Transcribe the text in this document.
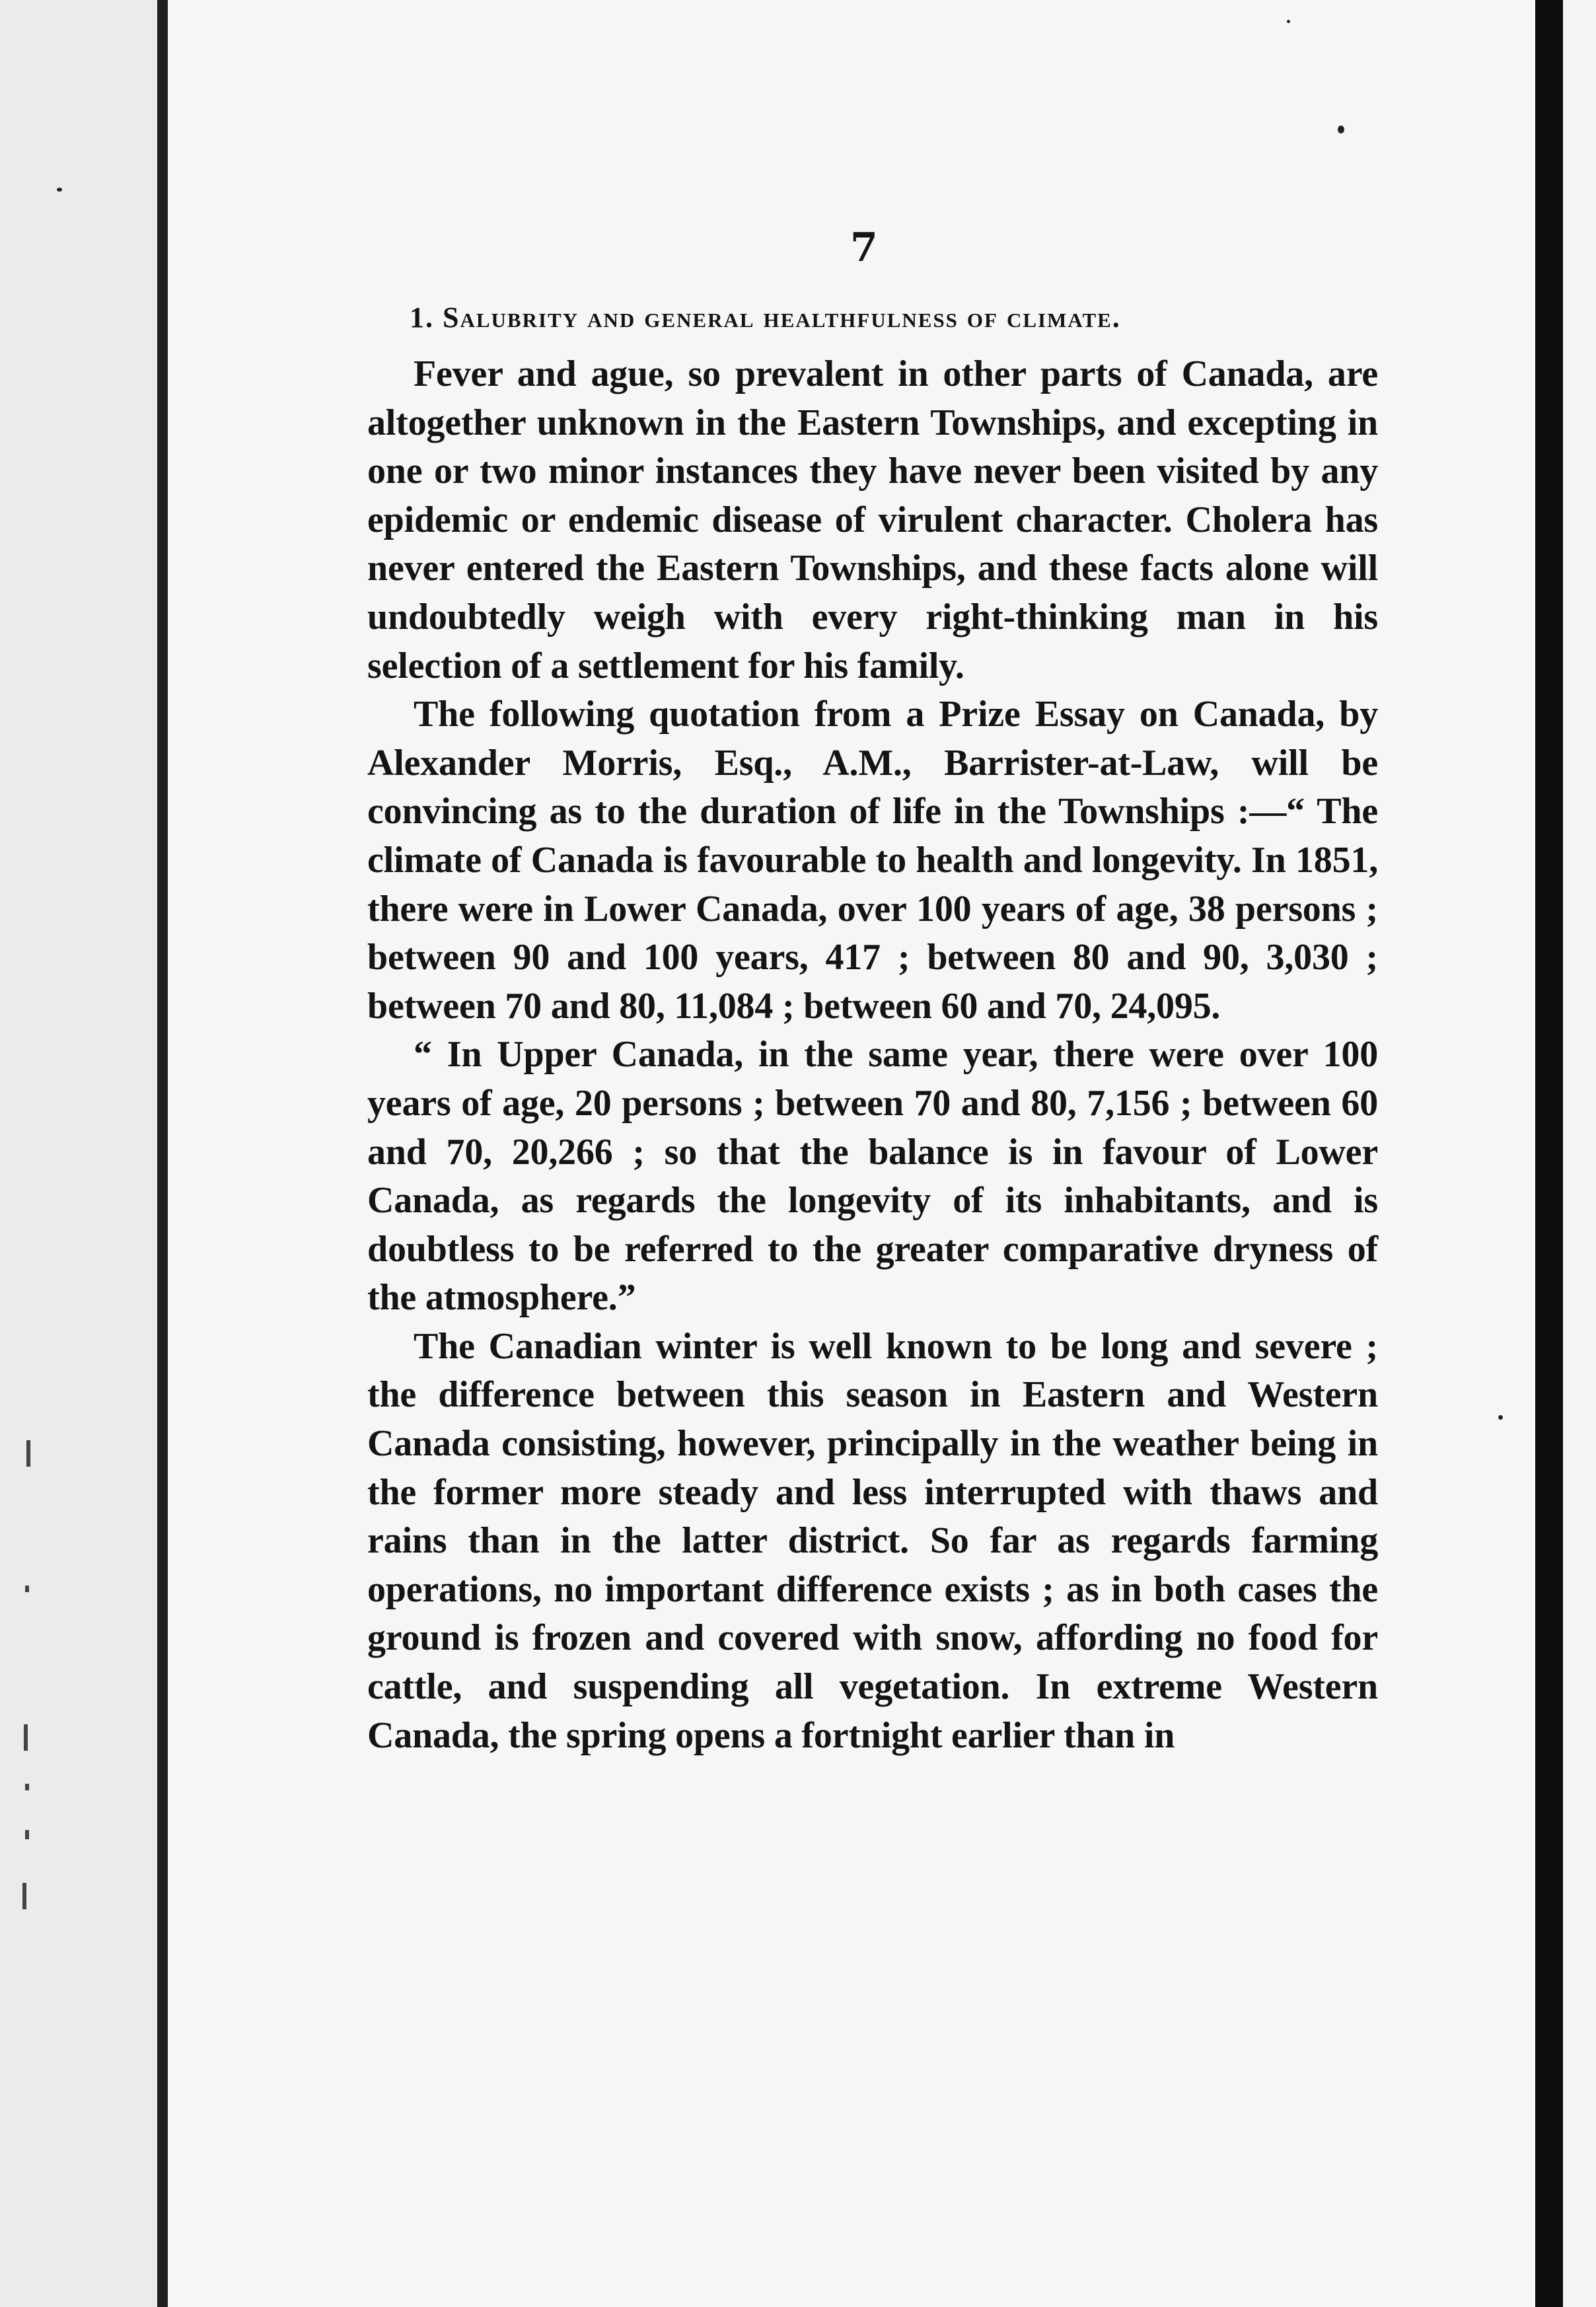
7

1. Salubrity and general healthfulness of climate.

Fever and ague, so prevalent in other parts of Canada, are altogether unknown in the Eastern Townships, and excepting in one or two minor instances they have never been visited by any epidemic or endemic disease of virulent character. Cholera has never entered the Eastern Townships, and these facts alone will undoubtedly weigh with every right-thinking man in his selection of a settlement for his family.

The following quotation from a Prize Essay on Canada, by Alexander Morris, Esq., A.M., Barrister-at-Law, will be convincing as to the duration of life in the Townships :—“ The climate of Canada is favourable to health and longevity. In 1851, there were in Lower Canada, over 100 years of age, 38 persons ; between 90 and 100 years, 417 ; between 80 and 90, 3,030 ; between 70 and 80, 11,084 ; between 60 and 70, 24,095.

“ In Upper Canada, in the same year, there were over 100 years of age, 20 persons ; between 70 and 80, 7,156 ; between 60 and 70, 20,266 ; so that the balance is in favour of Lower Canada, as regards the longevity of its inhabitants, and is doubtless to be referred to the greater comparative dryness of the atmosphere.”

The Canadian winter is well known to be long and severe ; the difference between this season in Eastern and Western Canada consisting, however, principally in the weather being in the former more steady and less interrupted with thaws and rains than in the latter district. So far as regards farming operations, no important difference exists ; as in both cases the ground is frozen and covered with snow, affording no food for cattle, and suspending all vegetation. In extreme Western Canada, the spring opens a fortnight earlier than in
